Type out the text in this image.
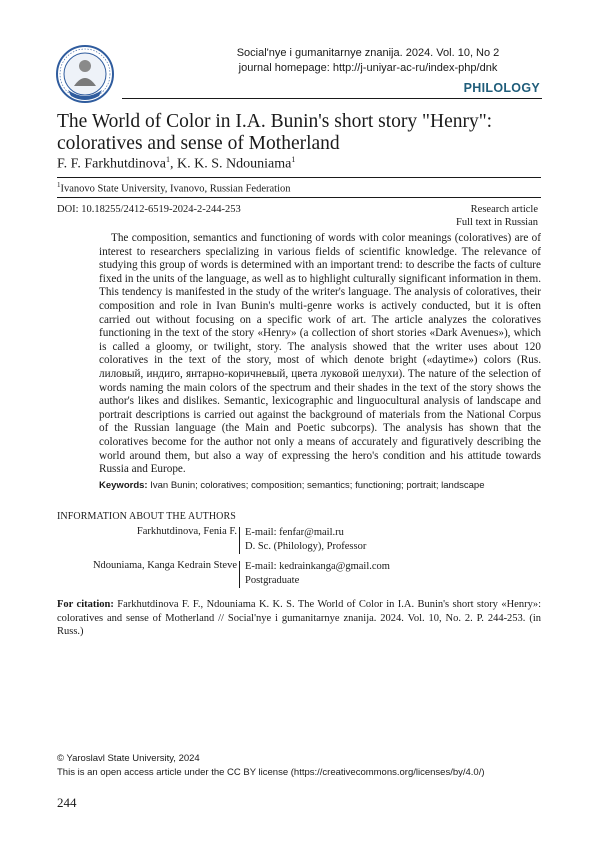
Social'nye i gumanitarnye znanija. 2024. Vol. 10, No 2
journal homepage: http://j-uniyar-ac-ru/index-php/dnk
PHILOLOGY
The World of Color in I.A. Bunin's short story "Henry": coloratives and sense of Motherland
F. F. Farkhutdinova$^1$, K. K. S. Ndouniama$^1$
$^1$Ivanovo State University, Ivanovo, Russian Federation
DOI: 10.18255/2412-6519-2024-2-244-253	Research article
Full text in Russian

The composition, semantics and functioning of words with color meanings (coloratives) are of interest to researchers specializing in various fields of scientific knowledge. The relevance of studying this group of words is determined with an important trend: to describe the facts of culture fixed in the units of the language, as well as to highlight culturally significant information in them. This tendency is manifested in the study of the writer's language. The analysis of coloratives, their composition and role in Ivan Bunin's multi-genre works is actively conducted, but it is often carried out without focusing on a specific work of art. The article analyzes the coloratives functioning in the text of the story «Henry» (a collection of short stories «Dark Avenues»), which is called a gloomy, or twilight, story. The analysis showed that the writer uses about 120 coloratives in the text of the story, most of which denote bright («daytime») colors (Rus. лиловый, индиго, янтарно-коричневый, цвета луковой шелухи). The nature of the selection of words naming the main colors of the spectrum and their shades in the text of the story shows the author's likes and dislikes. Semantic, lexicographic and linguocultural analysis of landscape and portrait descriptions is carried out against the background of materials from the National Corpus of the Russian language (the Main and Poetic subcorps). The analysis has shown that the coloratives become for the author not only a means of accurately and figuratively describing the world around them, but also a way of expressing the hero's condition and his attitude towards Russia and Europe.

Keywords: Ivan Bunin; coloratives; composition; semantics; functioning; portrait; landscape
INFORMATION ABOUT THE AUTHORS
Farkhutdinova, Fenia F. E-mail: fenfar@mail.ru
D. Sc. (Philology), Professor
Ndouniama, Kanga Kedrain Steve E-mail: kedrainkanga@gmail.com
Postgraduate
For citation: Farkhutdinova F. F., Ndouniama K. K. S. The World of Color in I.A. Bunin's short story «Henry»: coloratives and sense of Motherland // Social'nye i gumanitarnye znanija. 2024. Vol. 10, No. 2. P. 244-253. (in Russ.)
© Yaroslavl State University, 2024
This is an open access article under the CC BY license (https://creativecommons.org/licenses/by/4.0/)
244
